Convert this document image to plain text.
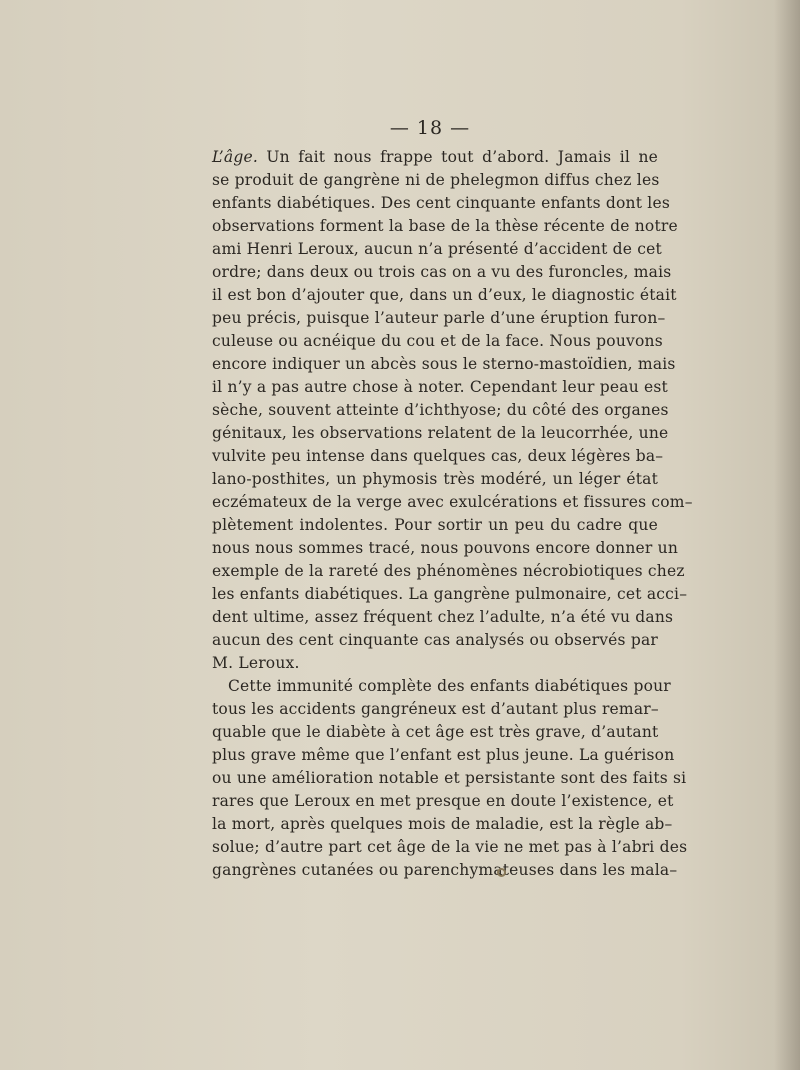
— 18 —
L’âge. Un fait nous frappe tout d’abord. Jamais il ne
se produit de gangrène ni de phelegmon diffus chez les
enfants diabétiques. Des cent cinquante enfants dont les
observations forment la base de la thèse récente de notre
ami Henri Leroux, aucun n’a présenté d’accident de cet
ordre; dans deux ou trois cas on a vu des furoncles, mais
il est bon d’ajouter que, dans un d’eux, le diagnostic était
peu précis, puisque l’auteur parle d’une éruption furon–
culeuse ou acnéique du cou et de la face. Nous pouvons
encore indiquer un abcès sous le sterno-mastoïdien, mais
il n’y a pas autre chose à noter. Cependant leur peau est
sèche, souvent atteinte d’ichthyose; du côté des organes
génitaux, les observations relatent de la leucorrhée, une
vulvite peu intense dans quelques cas, deux légères ba–
lano-posthites, un phymosis très modéré, un léger état
eczémateux de la verge avec exulcérations et fissures com–
plètement indolentes. Pour sortir un peu du cadre que
nous nous sommes tracé, nous pouvons encore donner un
exemple de la rareté des phénomènes nécrobiotiques chez
les enfants diabétiques. La gangrène pulmonaire, cet acci–
dent ultime, assez fréquent chez l’adulte, n’a été vu dans
aucun des cent cinquante cas analysés ou observés par
M. Leroux.
Cette immunité complète des enfants diabétiques pour
tous les accidents gangréneux est d’autant plus remar–
quable que le diabète à cet âge est très grave, d’autant
plus grave même que l’enfant est plus jeune. La guérison
ou une amélioration notable et persistante sont des faits si
rares que Leroux en met presque en doute l’existence, et
la mort, après quelques mois de maladie, est la règle ab–
solue; d’autre part cet âge de la vie ne met pas à l’abri des
gangrènes cutanées ou parenchymateuses dans les mala–
